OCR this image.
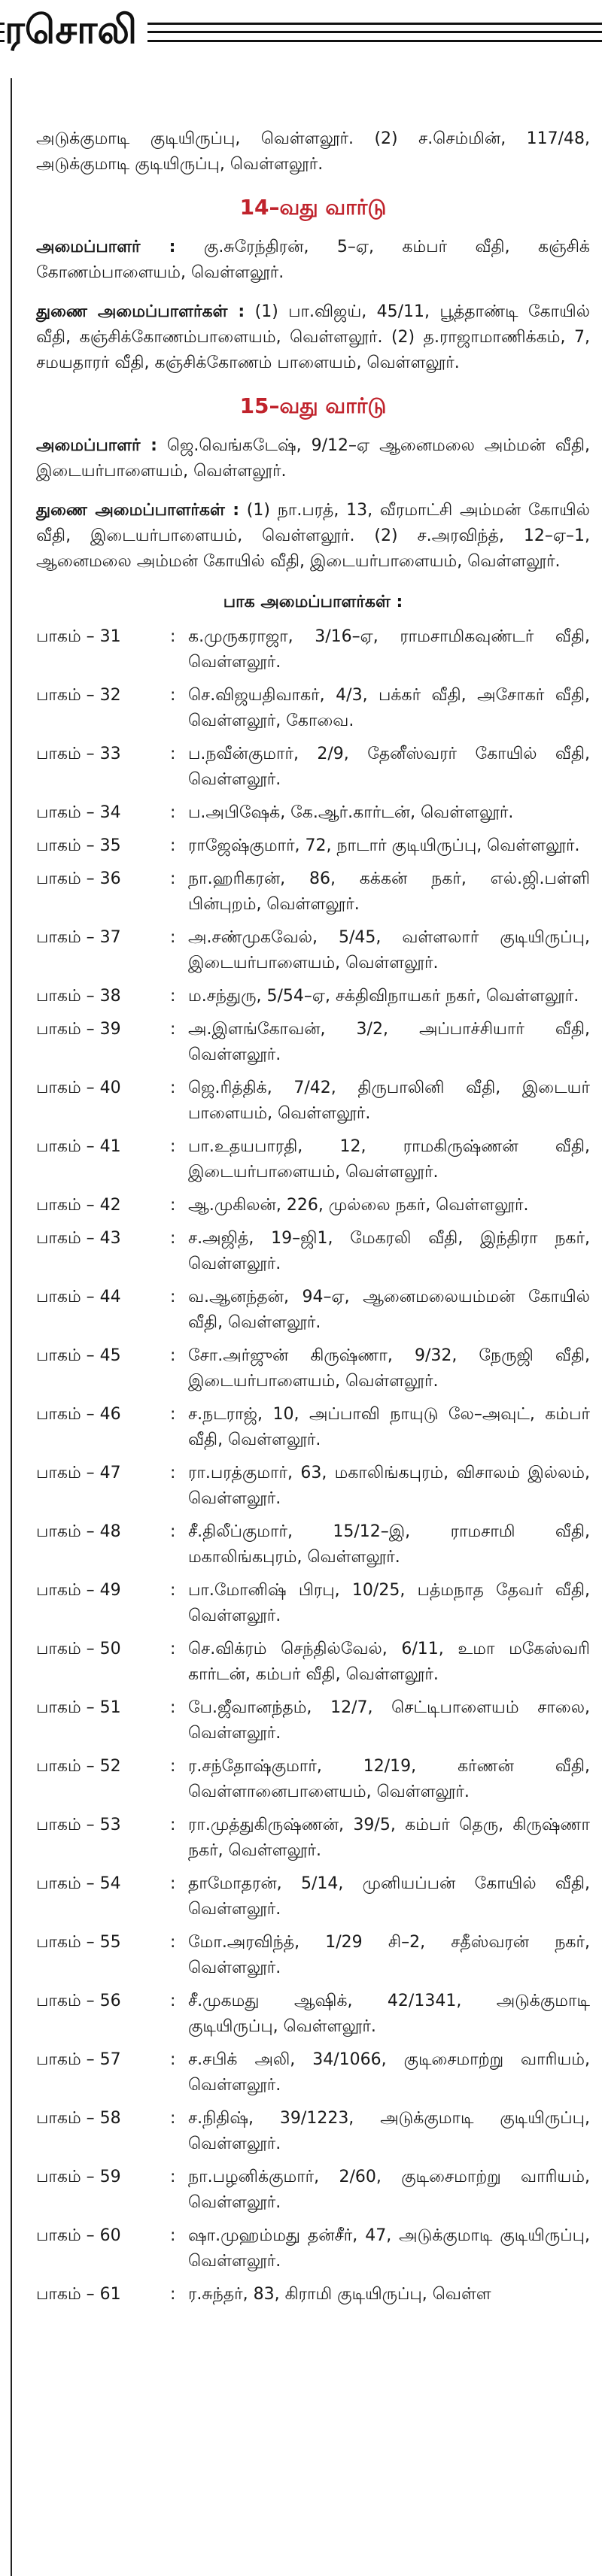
ரசொலி

அடுக்குமாடி குடியிருப்பு, வெள்ளலூர். (2) ச.செம்மின், 117/48, அடுக்குமாடி குடியிருப்பு, வெள்ளலூர்.

14–வது வார்டு

அமைப்பாளர் : கு.சுரேந்திரன், 5–ஏ, கம்பர் வீதி, கஞ்சிக் கோணம்பாளையம், வெள்ளலூர்.

துணை அமைப்பாளர்கள் : (1) பா.விஜய், 45/11, பூத்தாண்டி கோயில் வீதி, கஞ்சிக்கோணம்பாளையம், வெள்ளலூர். (2) த.ராஜாமாணிக்கம், 7, சமயதாரர் வீதி, கஞ்சிக்கோணம் பாளையம், வெள்ளலூர்.

15–வது வார்டு

அமைப்பாளர் : ஜெ.வெங்கடேஷ், 9/12–ஏ ஆனைமலை அம்மன் வீதி, இடையர்பாளையம், வெள்ளலூர்.

துணை அமைப்பாளர்கள் : (1) நா.பரத், 13, வீரமாட்சி அம்மன் கோயில் வீதி, இடையர்பாளையம், வெள்ளலூர். (2) ச.அரவிந்த், 12–ஏ–1, ஆனைமலை அம்மன் கோயில் வீதி, இடையர்பாளையம், வெள்ளலூர்.

பாக அமைப்பாளர்கள் :
பாகம் – 31	: க.முருகராஜா, 3/16–ஏ, ராமசாமிகவுண்டர் வீதி, வெள்ளலூர்.
பாகம் – 32	: செ.விஜயதிவாகர், 4/3, பக்கர் வீதி, அசோகர் வீதி, வெள்ளலூர், கோவை.
பாகம் – 33	: ப.நவீன்குமார், 2/9, தேனீஸ்வரர் கோயில் வீதி, வெள்ளலூர்.
பாகம் – 34	: ப.அபிஷேக், கே.ஆர்.கார்டன், வெள்ளலூர்.
பாகம் – 35	: ராஜேஷ்குமார், 72, நாடார் குடியிருப்பு, வெள்ளலூர்.
பாகம் – 36	: நா.ஹரிகரன், 86, கக்கன் நகர், எல்.ஜி.பள்ளி பின்புறம், வெள்ளலூர்.
பாகம் – 37	: அ.சண்முகவேல், 5/45, வள்ளலார் குடியிருப்பு, இடையர்பாளையம், வெள்ளலூர்.
பாகம் – 38	: ம.சந்துரு, 5/54–ஏ, சக்திவிநாயகர் நகர், வெள்ளலூர்.
பாகம் – 39	: அ.இளங்கோவன், 3/2, அப்பாச்சியார் வீதி, வெள்ளலூர்.
பாகம் – 40	: ஜெ.ரித்திக், 7/42, திருபாலினி வீதி, இடையர் பாளையம், வெள்ளலூர்.
பாகம் – 41	: பா.உதயபாரதி, 12, ராமகிருஷ்ணன் வீதி, இடையர்பாளையம், வெள்ளலூர்.
பாகம் – 42	: ஆ.முகிலன், 226, முல்லை நகர், வெள்ளலூர்.
பாகம் – 43	: ச.அஜித், 19–ஜி1, மேகரலி வீதி, இந்திரா நகர், வெள்ளலூர்.
பாகம் – 44	: வ.ஆனந்தன், 94–ஏ, ஆனைமலையம்மன் கோயில் வீதி, வெள்ளலூர்.
பாகம் – 45	: சோ.அர்ஜுன் கிருஷ்ணா, 9/32, நேருஜி வீதி, இடையர்பாளையம், வெள்ளலூர்.
பாகம் – 46	: ச.நடராஜ், 10, அப்பாவி நாயுடு லே–அவுட், கம்பர் வீதி, வெள்ளலூர்.
பாகம் – 47	: ரா.பரத்குமார், 63, மகாலிங்கபுரம், விசாலம் இல்லம், வெள்ளலூர்.
பாகம் – 48	: சீ.திலீப்குமார், 15/12–இ, ராமசாமி வீதி, மகாலிங்கபுரம், வெள்ளலூர்.
பாகம் – 49	: பா.மோனிஷ் பிரபு, 10/25, பத்மநாத தேவர் வீதி, வெள்ளலூர்.
பாகம் – 50	: செ.விக்ரம் செந்தில்வேல், 6/11, உமா மகேஸ்வரி கார்டன், கம்பர் வீதி, வெள்ளலூர்.
பாகம் – 51	: பே.ஜீவானந்தம், 12/7, செட்டிபாளையம் சாலை, வெள்ளலூர்.
பாகம் – 52	: ர.சந்தோஷ்குமார், 12/19, கர்ணன் வீதி, வெள்ளானைபாளையம், வெள்ளலூர்.
பாகம் – 53	: ரா.முத்துகிருஷ்ணன், 39/5, கம்பர் தெரு, கிருஷ்ணா நகர், வெள்ளலூர்.
பாகம் – 54	: தாமோதரன், 5/14, முனியப்பன் கோயில் வீதி, வெள்ளலூர்.
பாகம் – 55	: மோ.அரவிந்த், 1/29 சி–2, சதீஸ்வரன் நகர், வெள்ளலூர்.
பாகம் – 56	: சீ.முகமது ஆஷிக், 42/1341, அடுக்குமாடி குடியிருப்பு, வெள்ளலூர்.
பாகம் – 57	: ச.சபிக் அலி, 34/1066, குடிசைமாற்று வாரியம், வெள்ளலூர்.
பாகம் – 58	: ச.நிதிஷ், 39/1223, அடுக்குமாடி குடியிருப்பு, வெள்ளலூர்.
பாகம் – 59	: நா.பழனிக்குமார், 2/60, குடிசைமாற்று வாரியம், வெள்ளலூர்.
பாகம் – 60	: ஷா.முஹம்மது தன்சீர், 47, அடுக்குமாடி குடியிருப்பு, வெள்ளலூர்.
பாகம் – 61	: ர.சுந்தர், 83, கிராமி குடியிருப்பு, வெள்ள
